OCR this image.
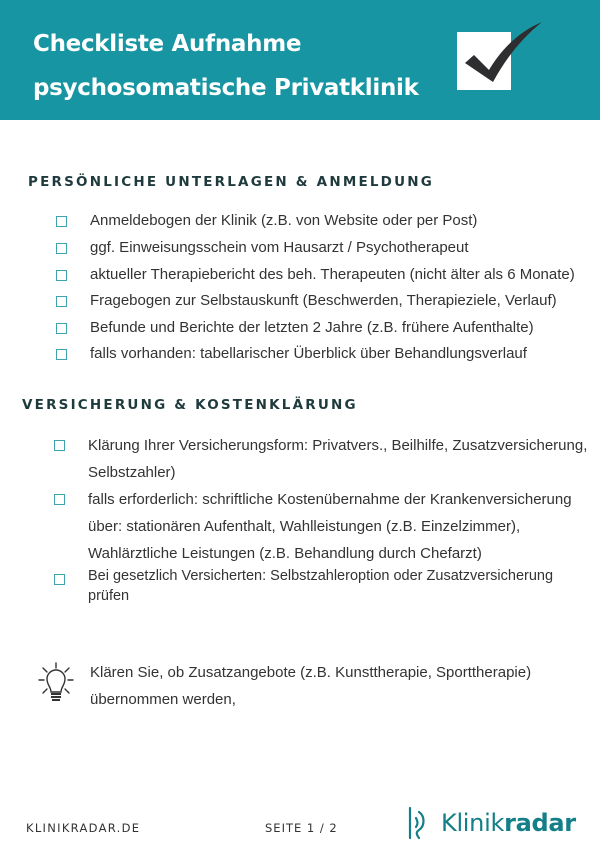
Checkliste Aufnahme
psychosomatische Privatklinik
PERSÖNLICHE UNTERLAGEN & ANMELDUNG
Anmeldebogen der Klinik (z.B. von Website oder per Post)
ggf. Einweisungsschein vom Hausarzt / Psychotherapeut
aktueller Therapiebericht des beh. Therapeuten (nicht älter als 6 Monate)
Fragebogen zur Selbstauskunft (Beschwerden, Therapieziele, Verlauf)
Befunde und Berichte der letzten 2 Jahre (z.B. frühere Aufenthalte)
falls vorhanden: tabellarischer Überblick über Behandlungsverlauf
VERSICHERUNG & KOSTENKLÄRUNG
Klärung Ihrer Versicherungsform: Privatvers., Beilhilfe, Zusatzversicherung,
Selbstzahler)
falls erforderlich: schriftliche Kostenübernahme der Krankenversicherung
über: stationären Aufenthalt, Wahlleistungen (z.B. Einzelzimmer),
Wahlärztliche Leistungen (z.B. Behandlung durch Chefarzt)
Bei gesetzlich Versicherten: Selbstzahleroption oder Zusatzversicherung
prüfen
Klären Sie, ob Zusatzangebote (z.B. Kunsttherapie, Sporttherapie)
übernommen werden,
KLINIKRADAR.DE	SEITE 1 / 2	Klinikradar
